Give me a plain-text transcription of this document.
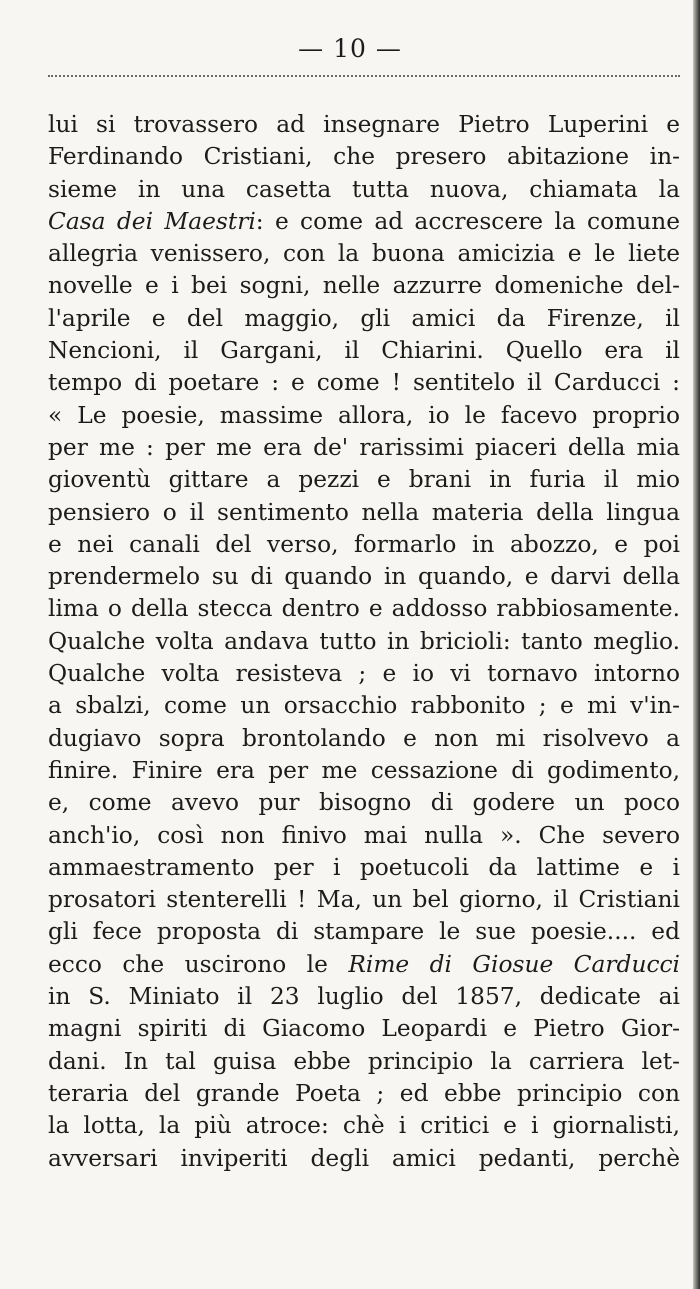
— 10 —
lui si trovassero ad insegnare Pietro Luperini e
Ferdinando Cristiani, che presero abitazione in-
sieme in una casetta tutta nuova, chiamata la
Casa dei Maestri: e come ad accrescere la comune
allegria venissero, con la buona amicizia e le liete
novelle e i bei sogni, nelle azzurre domeniche del-
l'aprile e del maggio, gli amici da Firenze, il
Nencioni, il Gargani, il Chiarini. Quello era il
tempo di poetare : e come ! sentitelo il Carducci :
« Le poesie, massime allora, io le facevo proprio
per me : per me era de' rarissimi piaceri della mia
gioventù gittare a pezzi e brani in furia il mio
pensiero o il sentimento nella materia della lingua
e nei canali del verso, formarlo in abozzo, e poi
prendermelo su di quando in quando, e darvi della
lima o della stecca dentro e addosso rabbiosamente.
Qualche volta andava tutto in bricioli: tanto meglio.
Qualche volta resisteva ; e io vi tornavo intorno
a sbalzi, come un orsacchio rabbonito ; e mi v'in-
dugiavo sopra brontolando e non mi risolvevo a
finire. Finire era per me cessazione di godimento,
e, come avevo pur bisogno di godere un poco
anch'io, così non finivo mai nulla ». Che severo
ammaestramento per i poetucoli da lattime e i
prosatori stenterelli ! Ma, un bel giorno, il Cristiani
gli fece proposta di stampare le sue poesie.... ed
ecco che uscirono le Rime di Giosue Carducci
in S. Miniato il 23 luglio del 1857, dedicate ai
magni spiriti di Giacomo Leopardi e Pietro Gior-
dani. In tal guisa ebbe principio la carriera let-
teraria del grande Poeta ; ed ebbe principio con
la lotta, la più atroce: chè i critici e i giornalisti,
avversari inviperiti degli amici pedanti, perchè
